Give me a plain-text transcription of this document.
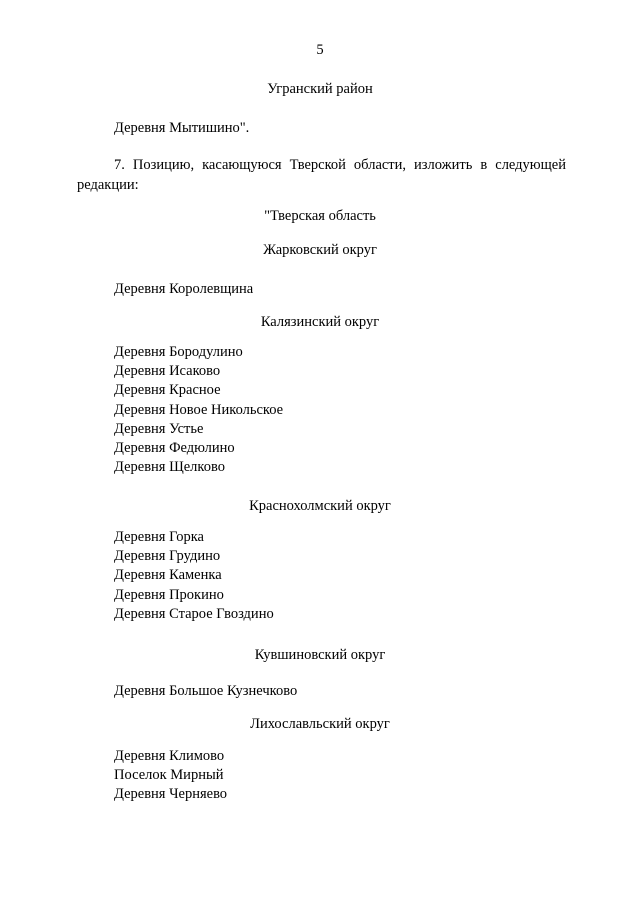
5
Угранский район
Деревня Мытишино".
7. Позицию, касающуюся Тверской области, изложить в следующей
редакции:
"Тверская область
Жарковский округ
Деревня Королевщина
Калязинский округ
Деревня Бородулино
Деревня Исаково
Деревня Красное
Деревня Новое Никольское
Деревня Устье
Деревня Федюлино
Деревня Щелково
Краснохолмский округ
Деревня Горка
Деревня Грудино
Деревня Каменка
Деревня Прокино
Деревня Старое Гвоздино
Кувшиновский округ
Деревня Большое Кузнечково
Лихославльский округ
Деревня Климово
Поселок Мирный
Деревня Черняево
